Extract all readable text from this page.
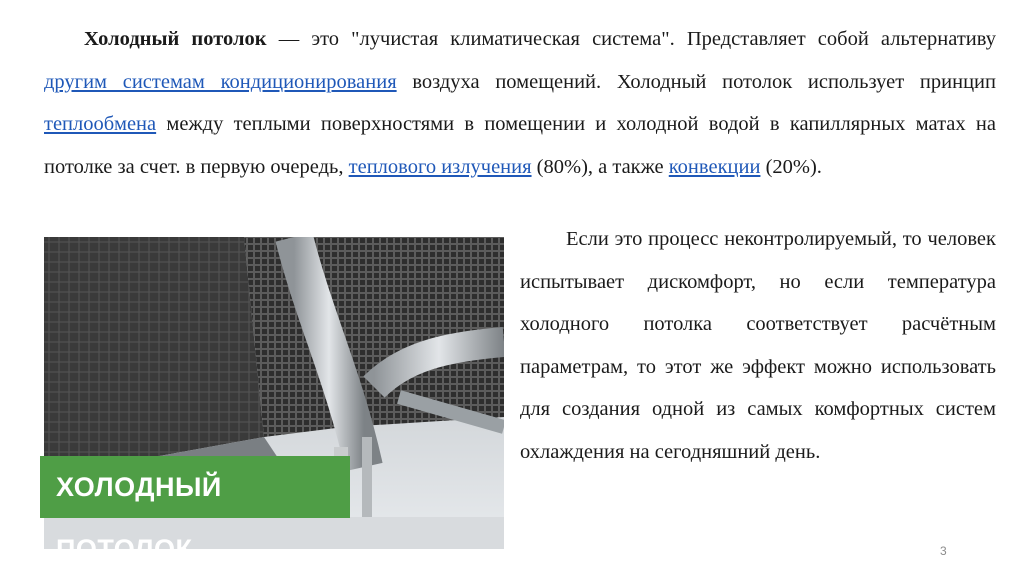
Холодный потолок — это "лучистая климатическая система". Представляет собой альтернативу другим системам кондиционирования воздуха помещений. Холодный потолок использует принцип теплообмена между теплыми поверхностями в помещении и холодной водой в капиллярных матах на потолке за счет. в первую очередь, теплового излучения (80%), а также конвекции (20%).

ХОЛОДНЫЙ ПОТОЛОК

Если это процесс неконтролируемый, то человек испытывает дискомфорт, но если температура холодного потолка соответствует расчётным параметрам, то этот же эффект можно использовать для создания одной из самых комфортных систем охлаждения на сегодняшний день.

3
